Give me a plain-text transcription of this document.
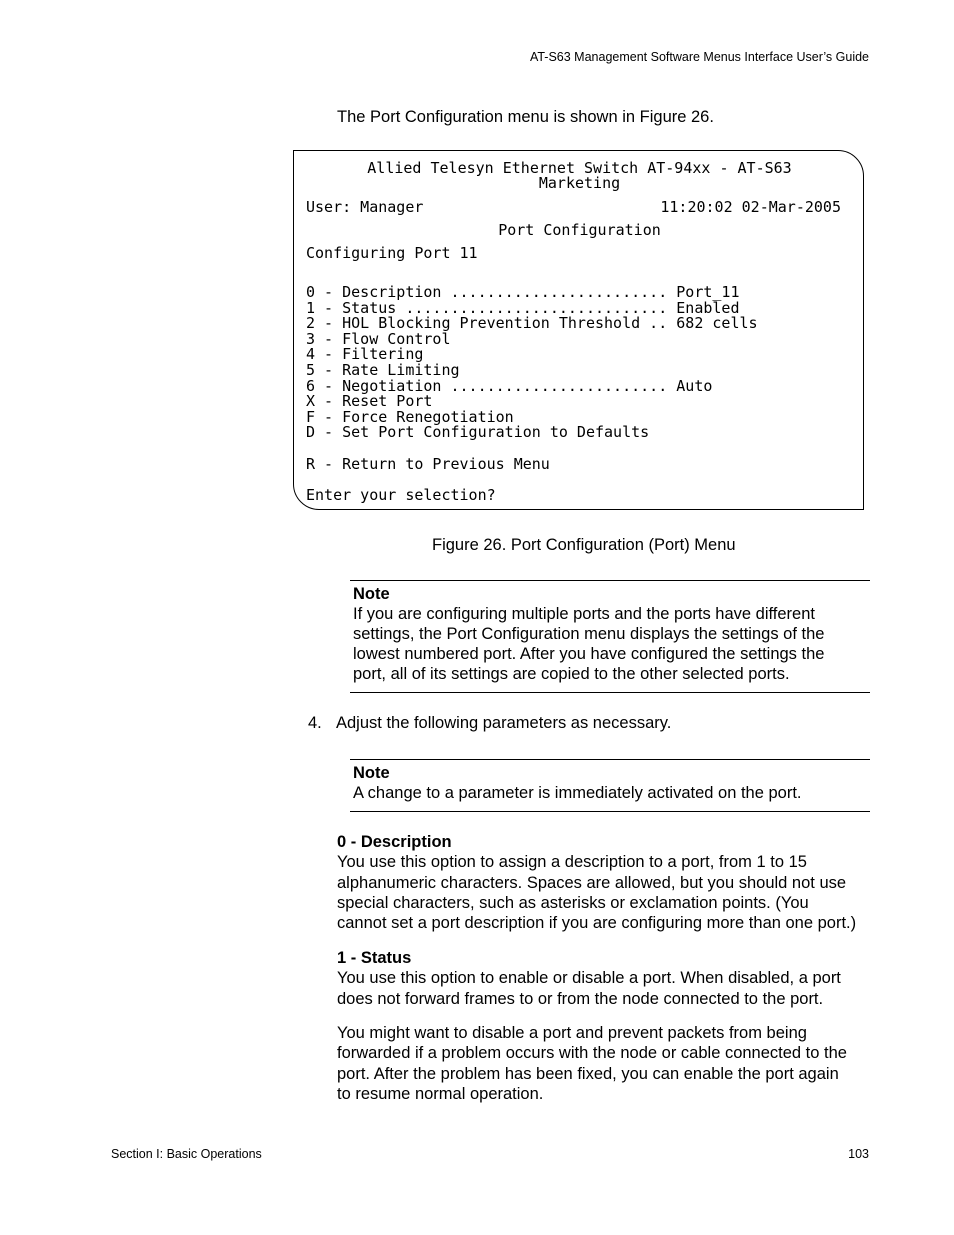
AT-S63 Management Software Menus Interface User’s Guide
The Port Configuration menu is shown in Figure 26.
Allied Telesyn Ethernet Switch AT-94xx - AT-S63
Marketing
User: Manager	11:20:02 02-Mar-2005
Port Configuration
Configuring Port 11
0 - Description ........................ Port_11
1 - Status ............................. Enabled
2 - HOL Blocking Prevention Threshold .. 682 cells
3 - Flow Control
4 - Filtering
5 - Rate Limiting
6 - Negotiation ........................ Auto
X - Reset Port
F - Force Renegotiation
D - Set Port Configuration to Defaults
R - Return to Previous Menu
Enter your selection?
Figure 26. Port Configuration (Port) Menu
Note
If you are configuring multiple ports and the ports have different
settings, the Port Configuration menu displays the settings of the
lowest numbered port. After you have configured the settings the
port, all of its settings are copied to the other selected ports.
4. Adjust the following parameters as necessary.
Note
A change to a parameter is immediately activated on the port.
0 - Description
You use this option to assign a description to a port, from 1 to 15
alphanumeric characters. Spaces are allowed, but you should not use
special characters, such as asterisks or exclamation points. (You
cannot set a port description if you are configuring more than one port.)
1 - Status
You use this option to enable or disable a port. When disabled, a port
does not forward frames to or from the node connected to the port.
You might want to disable a port and prevent packets from being
forwarded if a problem occurs with the node or cable connected to the
port. After the problem has been fixed, you can enable the port again
to resume normal operation.
Section I: Basic Operations	103
